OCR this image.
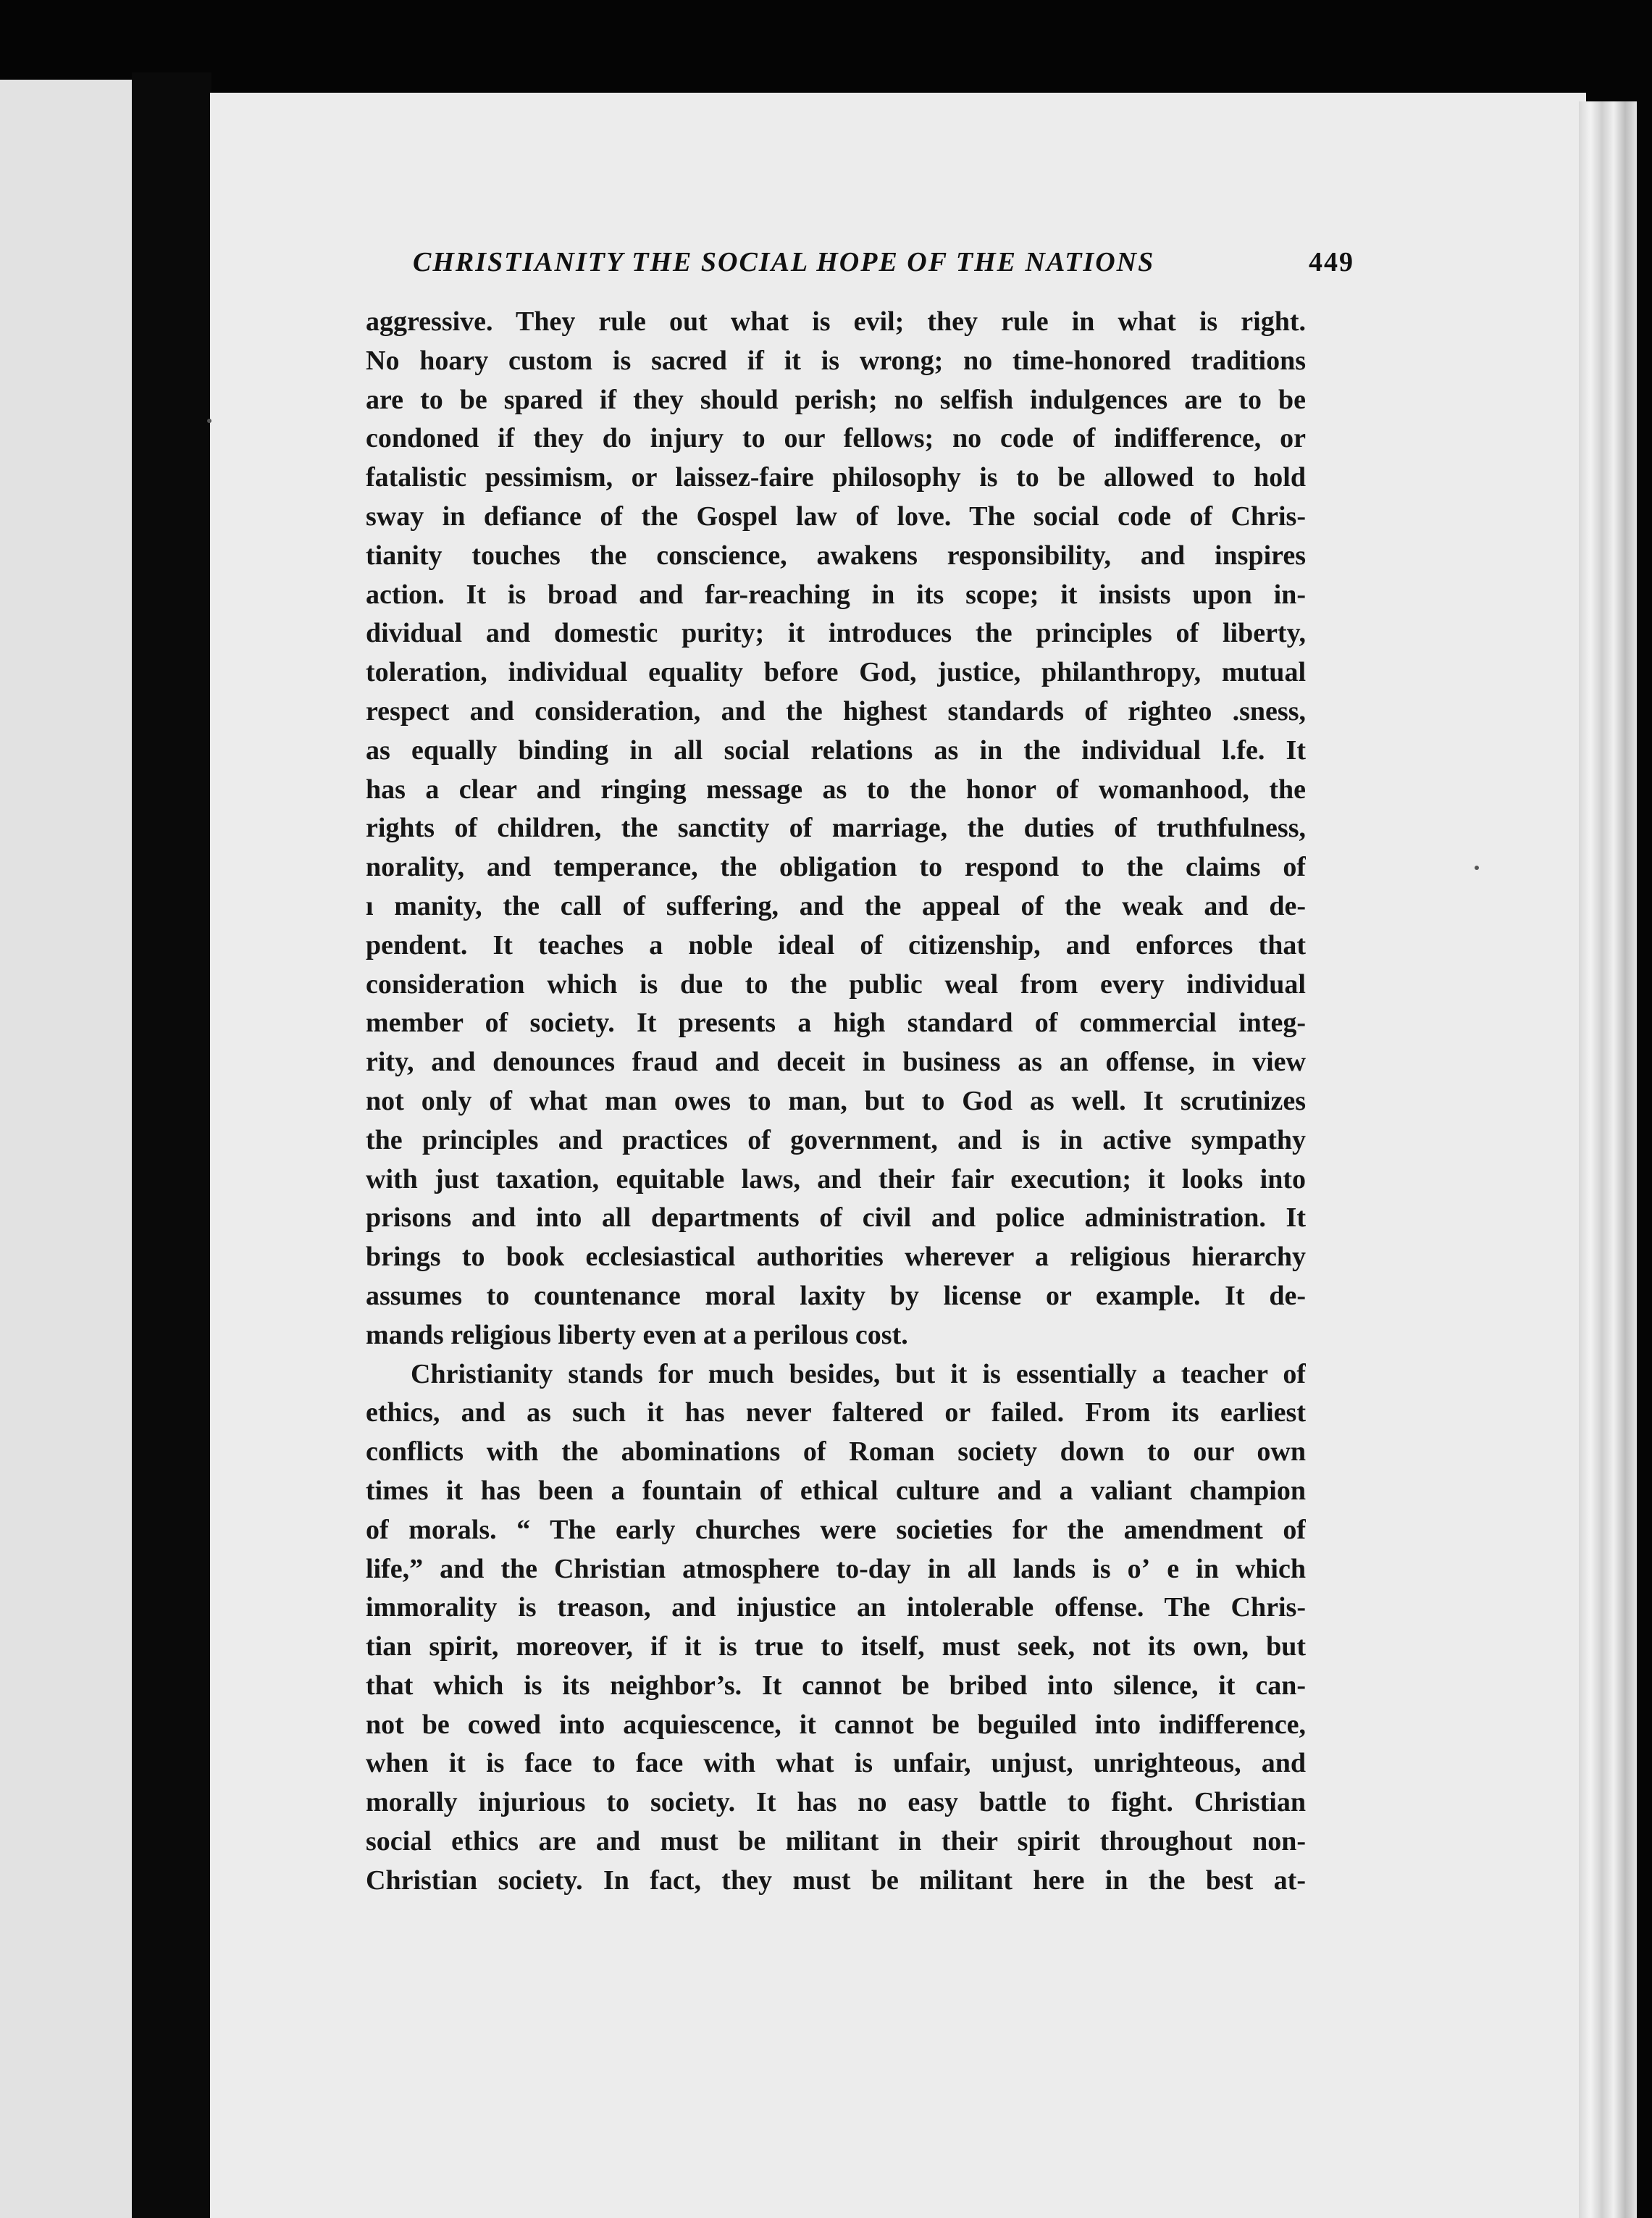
CHRISTIANITY THE SOCIAL HOPE OF THE NATIONS	449
aggressive. They rule out what is evil; they rule in what is right.
No hoary custom is sacred if it is wrong; no time-honored traditions
are to be spared if they should perish; no selfish indulgences are to be
condoned if they do injury to our fellows; no code of indifference, or
fatalistic pessimism, or laissez-faire philosophy is to be allowed to hold
sway in defiance of the Gospel law of love. The social code of Chris-
tianity touches the conscience, awakens responsibility, and inspires
action. It is broad and far-reaching in its scope; it insists upon in-
dividual and domestic purity; it introduces the principles of liberty,
toleration, individual equality before God, justice, philanthropy, mutual
respect and consideration, and the highest standards of righteo .sness,
as equally binding in all social relations as in the individual l.fe. It
has a clear and ringing message as to the honor of womanhood, the
rights of children, the sanctity of marriage, the duties of truthfulness,
norality, and temperance, the obligation to respond to the claims of
ı manity, the call of suffering, and the appeal of the weak and de-
pendent. It teaches a noble ideal of citizenship, and enforces that
consideration which is due to the public weal from every individual
member of society. It presents a high standard of commercial integ-
rity, and denounces fraud and deceit in business as an offense, in view
not only of what man owes to man, but to God as well. It scrutinizes
the principles and practices of government, and is in active sympathy
with just taxation, equitable laws, and their fair execution; it looks into
prisons and into all departments of civil and police administration. It
brings to book ecclesiastical authorities wherever a religious hierarchy
assumes to countenance moral laxity by license or example. It de-
mands religious liberty even at a perilous cost.
Christianity stands for much besides, but it is essentially a teacher of
ethics, and as such it has never faltered or failed. From its earliest
conflicts with the abominations of Roman society down to our own
times it has been a fountain of ethical culture and a valiant champion
of morals. “ The early churches were societies for the amendment of
life,” and the Christian atmosphere to-day in all lands is oʼ e in which
immorality is treason, and injustice an intolerable offense. The Chris-
tian spirit, moreover, if it is true to itself, must seek, not its own, but
that which is its neighbor’s. It cannot be bribed into silence, it can-
not be cowed into acquiescence, it cannot be beguiled into indifference,
when it is face to face with what is unfair, unjust, unrighteous, and
morally injurious to society. It has no easy battle to fight. Christian
social ethics are and must be militant in their spirit throughout non-
Christian society. In fact, they must be militant here in the best at-
